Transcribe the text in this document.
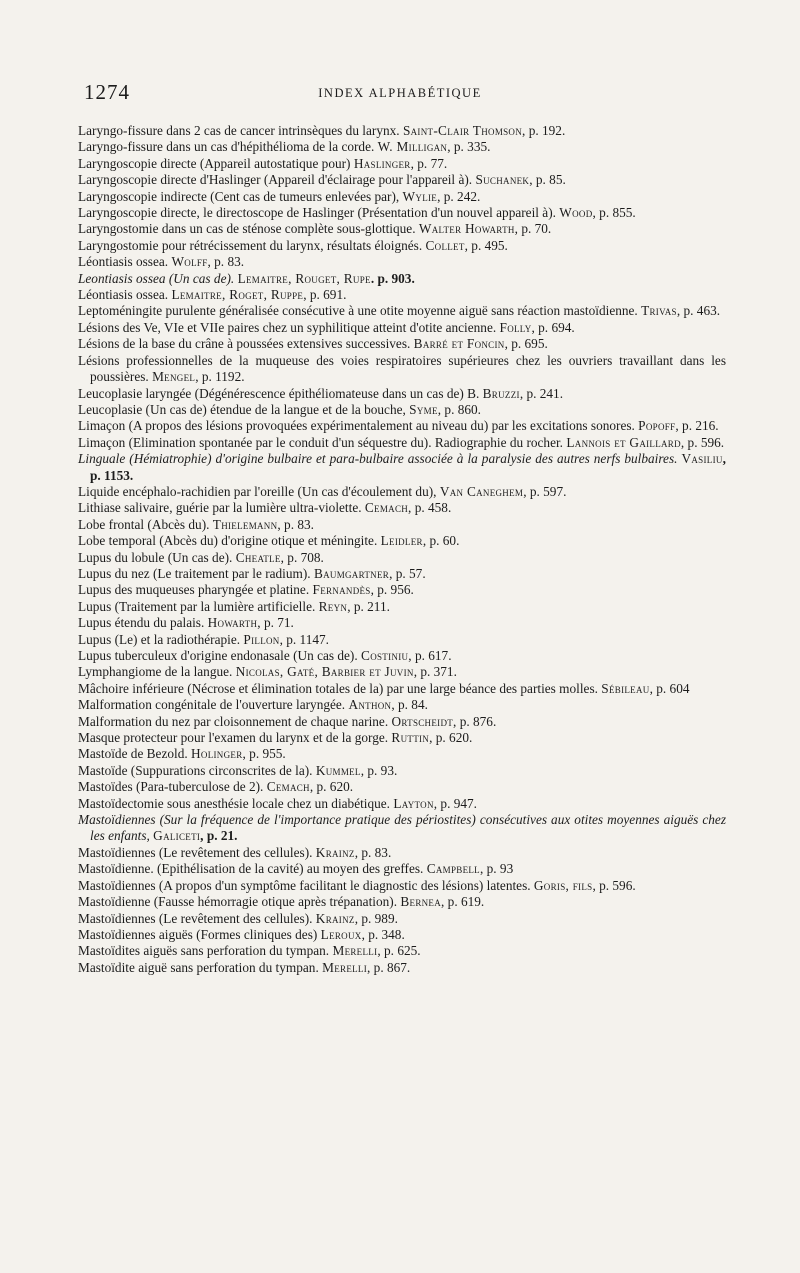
1274	INDEX ALPHABÉTIQUE
Laryngo-fissure dans 2 cas de cancer intrinsèques du larynx. Saint-Clair Thomson, p. 192.
Laryngo-fissure dans un cas d'hépithélioma de la corde. W. Milligan, p. 335.
Laryngoscopie directe (Appareil autostatique pour) Haslinger, p. 77.
Laryngoscopie directe d'Haslinger (Appareil d'éclairage pour l'appareil à). Suchanek, p. 85.
Laryngoscopie indirecte (Cent cas de tumeurs enlevées par), Wylie, p. 242.
Laryngoscopie directe, le directoscope de Haslinger (Présentation d'un nouvel appareil à). Wood, p. 855.
Laryngostomie dans un cas de sténose complète sous-glottique. Walter Howarth, p. 70.
Laryngostomie pour rétrécissement du larynx, résultats éloignés. Collet, p. 495.
Léontiasis ossea. Wolff, p. 83.
Leontiasis ossea (Un cas de). Lemaitre, Rouget, Rupe. p. 903.
Léontiasis ossea. Lemaitre, Roget, Ruppe, p. 691.
Leptoméningite purulente généralisée consécutive à une otite moyenne aiguë sans réaction mastoïdienne. Trivas, p. 463.
Lésions des Ve, VIe et VIIe paires chez un syphilitique atteint d'otite ancienne. Folly, p. 694.
Lésions de la base du crâne à poussées extensives successives. Barré et Foncin, p. 695.
Lésions professionnelles de la muqueuse des voies respiratoires supérieures chez les ouvriers travaillant dans les poussières. Mengel, p. 1192.
Leucoplasie laryngée (Dégénérescence épithéliomateuse dans un cas de) B. Bruzzi, p. 241.
Leucoplasie (Un cas de) étendue de la langue et de la bouche, Syme, p. 860.
Limaçon (A propos des lésions provoquées expérimentalement au niveau du) par les excitations sonores. Popoff, p. 216.
Limaçon (Elimination spontanée par le conduit d'un séquestre du). Radiographie du rocher. Lannois et Gaillard, p. 596.
Linguale (Hémiatrophie) d'origine bulbaire et para-bulbaire associée à la paralysie des autres nerfs bulbaires. Vasiliu, p. 1153.
Liquide encéphalo-rachidien par l'oreille (Un cas d'écoulement du), Van Caneghem, p. 597.
Lithiase salivaire, guérie par la lumière ultra-violette. Cemach, p. 458.
Lobe frontal (Abcès du). Thielemann, p. 83.
Lobe temporal (Abcès du) d'origine otique et méningite. Leidler, p. 60.
Lupus du lobule (Un cas de). Cheatle, p. 708.
Lupus du nez (Le traitement par le radium). Baumgartner, p. 57.
Lupus des muqueuses pharyngée et platine. Fernandès, p. 956.
Lupus (Traitement par la lumière artificielle. Reyn, p. 211.
Lupus étendu du palais. Howarth, p. 71.
Lupus (Le) et la radiothérapie. Pillon, p. 1147.
Lupus tuberculeux d'origine endonasale (Un cas de). Costiniu, p. 617.
Lymphangiome de la langue. Nicolas, Gaté, Barbier et Juvin, p. 371.
Mâchoire inférieure (Nécrose et élimination totales de la) par une large béance des parties molles. Sébileau, p. 604
Malformation congénitale de l'ouverture laryngée. Anthon, p. 84.
Malformation du nez par cloisonnement de chaque narine. Ortscheidt, p. 876.
Masque protecteur pour l'examen du larynx et de la gorge. Ruttin, p. 620.
Mastoïde de Bezold. Holinger, p. 955.
Mastoïde (Suppurations circonscrites de la). Kummel, p. 93.
Mastoïdes (Para-tuberculose de 2). Cemach, p. 620.
Mastoïdectomie sous anesthésie locale chez un diabétique. Layton, p. 947.
Mastoïdiennes (Sur la fréquence de l'importance pratique des périostites) consécutives aux otites moyennes aiguës chez les enfants, Galiceti, p. 21.
Mastoïdiennes (Le revêtement des cellules). Krainz, p. 83.
Mastoïdienne. (Epithélisation de la cavité) au moyen des greffes. Campbell, p. 93
Mastoïdiennes (A propos d'un symptôme facilitant le diagnostic des lésions) latentes. Goris, fils, p. 596.
Mastoïdienne (Fausse hémorragie otique après trépanation). Bernea, p. 619.
Mastoïdiennes (Le revêtement des cellules). Krainz, p. 989.
Mastoïdiennes aiguës (Formes cliniques des) Leroux, p. 348.
Mastoïdites aiguës sans perforation du tympan. Merelli, p. 625.
Mastoïdite aiguë sans perforation du tympan. Merelli, p. 867.
